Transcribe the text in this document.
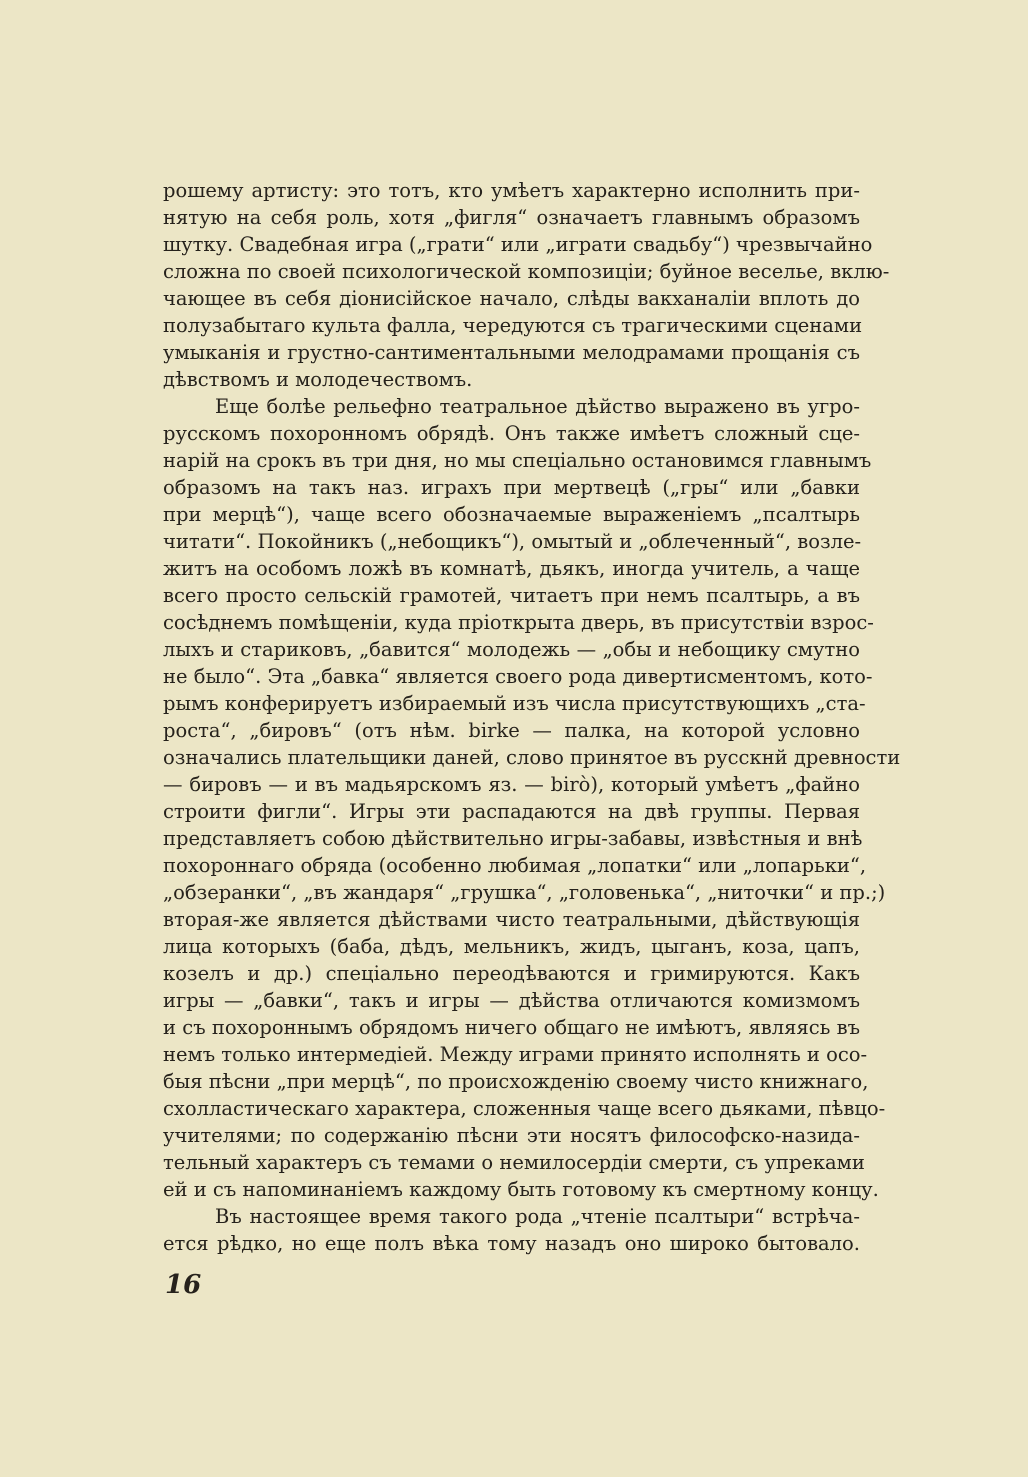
рошему артисту: это тотъ, кто умѣетъ характерно исполнить при-
нятую на себя роль, хотя „фигля“ означаетъ главнымъ образомъ
шутку. Свадебная игра („грати“ или „играти свадьбу“) чрезвычайно
сложна по своей психологической композиціи; буйное веселье, вклю-
чающее въ себя діонисійское начало, слѣды вакханаліи вплоть до
полузабытаго культа фалла, чередуются съ трагическими сценами
умыканія и грустно-сантиментальными мелодрамами прощанія съ
дѣвствомъ и молодечествомъ.
Еще болѣе рельефно театральное дѣйство выражено въ угро-
русскомъ похоронномъ обрядѣ. Онъ также имѣетъ сложный сце-
нарій на срокъ въ три дня, но мы спеціально остановимся главнымъ
образомъ на такъ наз. играхъ при мертвецѣ („гры“ или „бавки
при мерцѣ“), чаще всего обозначаемые выраженіемъ „псалтырь
читати“. Покойникъ („небощикъ“), омытый и „облеченный“, возле-
житъ на особомъ ложѣ въ комнатѣ, дьякъ, иногда учитель, а чаще
всего просто сельскій грамотей, читаетъ при немъ псалтырь, а въ
сосѣднемъ помѣщеніи, куда пріоткрыта дверь, въ присутствіи взрос-
лыхъ и стариковъ, „бавится“ молодежь — „обы и небощику смутно
не было“. Эта „бавка“ является своего рода дивертисментомъ, кото-
рымъ конферируетъ избираемый изъ числа присутствующихъ „ста-
роста“, „бировъ“ (отъ нѣм. birke — палка, на которой условно
означались плательщики даней, слово принятое въ русскнй древности
— бировъ — и въ мадьярскомъ яз. — birò), который умѣетъ „файно
строити фигли“. Игры эти распадаются на двѣ группы. Первая
представляетъ собою дѣйствительно игры-забавы, извѣстныя и внѣ
похороннаго обряда (особенно любимая „лопатки“ или „лопарьки“,
„обзеранки“, „въ жандаря“ „грушка“, „головенька“, „ниточки“ и пр.;)
вторая-же является дѣйствами чисто театральными, дѣйствующія
лица которыхъ (баба, дѣдъ, мельникъ, жидъ, цыганъ, коза, цапъ,
козелъ и др.) спеціально переодѣваются и гримируются. Какъ
игры — „бавки“, такъ и игры — дѣйства отличаются комизмомъ
и съ похороннымъ обрядомъ ничего общаго не имѣютъ, являясь въ
немъ только интермедіей. Между играми принято исполнять и осо-
быя пѣсни „при мерцѣ“, по происхожденію своему чисто книжнаго,
схолластическаго характера, сложенныя чаще всего дьяками, пѣвцо-
учителями; по содержанію пѣсни эти носятъ философско-назида-
тельный характеръ съ темами о немилосердіи смерти, съ упреками
ей и съ напоминаніемъ каждому быть готовому къ смертному концу.
Въ настоящее время такого рода „чтеніе псалтыри“ встрѣча-
ется рѣдко, но еще полъ вѣка тому назадъ оно широко бытовало.
16
